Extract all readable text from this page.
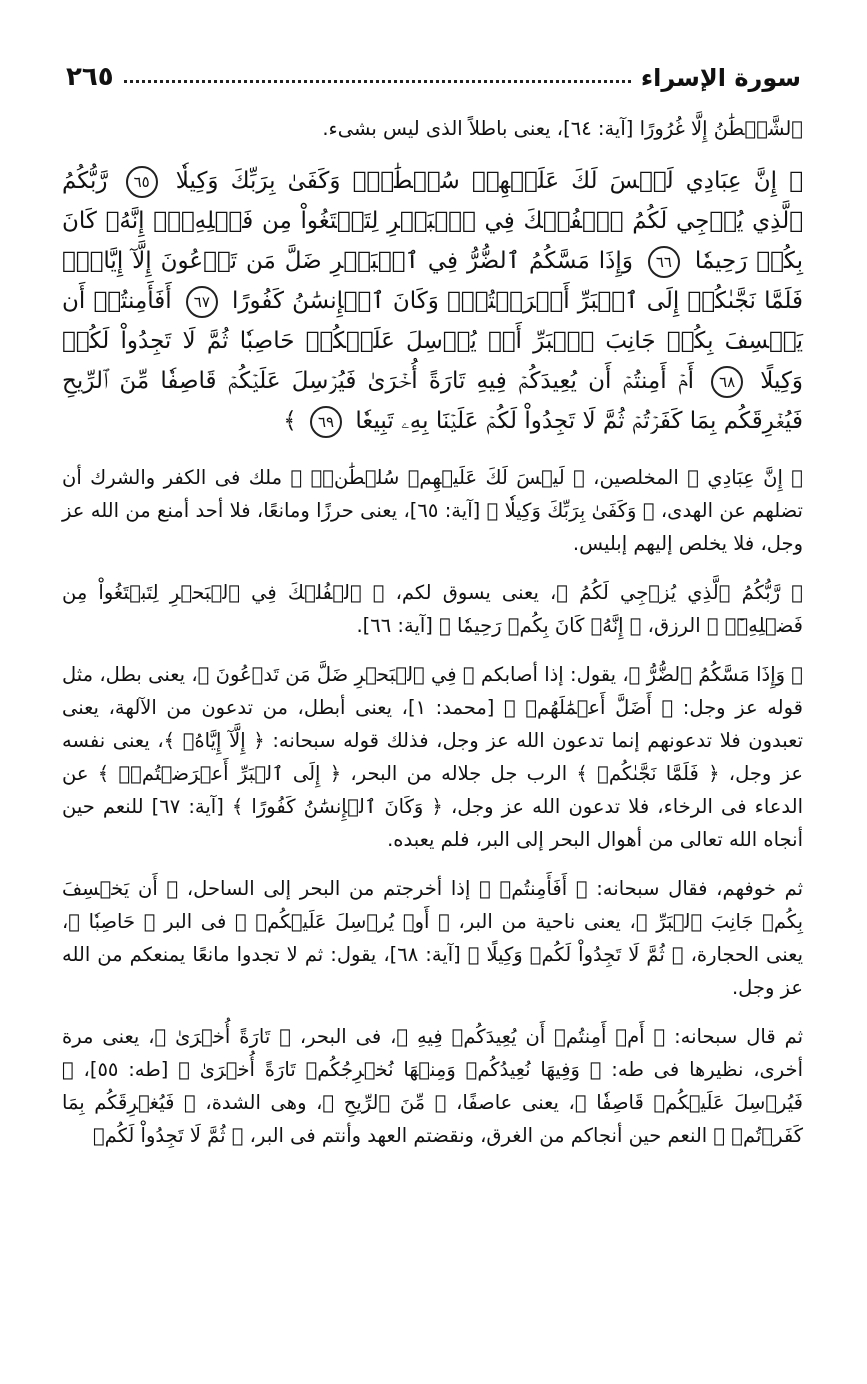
سورة الإسراء
٢٦٥

ٱلشَّيۡطَٰنُ إِلَّا غُرُورًا [آية: ٦٤]، يعنى باطلاً الذى ليس بشىء.

﴿ إِنَّ عِبَادِي لَيۡسَ لَكَ عَلَيۡهِمۡ سُلۡطَٰنٞۚ وَكَفَىٰ بِرَبِّكَ وَكِيلٗا ٦٥ رَّبُّكُمُ ٱلَّذِي يُزۡجِي لَكُمُ ٱلۡفُلۡكَ فِي ٱلۡبَحۡرِ لِتَبۡتَغُواْ مِن فَضۡلِهِۦٓۚ إِنَّهُۥ كَانَ بِكُمۡ رَحِيمٗا ٦٦ وَإِذَا مَسَّكُمُ ٱلضُّرُّ فِي ٱلۡبَحۡرِ ضَلَّ مَن تَدۡعُونَ إِلَّآ إِيَّاهُۖ فَلَمَّا نَجَّىٰكُمۡ إِلَى ٱلۡبَرِّ أَعۡرَضۡتُمۡۚ وَكَانَ ٱلۡإِنسَٰنُ كَفُورًا ٦٧ أَفَأَمِنتُمۡ أَن يَخۡسِفَ بِكُمۡ جَانِبَ ٱلۡبَرِّ أَوۡ يُرۡسِلَ عَلَيۡكُمۡ حَاصِبٗا ثُمَّ لَا تَجِدُواْ لَكُمۡ وَكِيلًا ٦٨ أَمۡ أَمِنتُمۡ أَن يُعِيدَكُمۡ فِيهِ تَارَةً أُخۡرَىٰ فَيُرۡسِلَ عَلَيۡكُمۡ قَاصِفٗا مِّنَ ٱلرِّيحِ فَيُغۡرِقَكُم بِمَا كَفَرۡتُمۡ ثُمَّ لَا تَجِدُواْ لَكُمۡ عَلَيۡنَا بِهِۦ تَبِيعٗا ٦٩ ﴾

﴿ إِنَّ عِبَادِي ﴾ المخلصين، ﴿ لَيۡسَ لَكَ عَلَيۡهِمۡ سُلۡطَٰنٞۚ ﴾ ملك فى الكفر والشرك أن تضلهم عن الهدى، ﴿ وَكَفَىٰ بِرَبِّكَ وَكِيلٗا ﴾ [آية: ٦٥]، يعنى حرزًا ومانعًا، فلا أحد أمنع من الله عز وجل، فلا يخلص إليهم إبليس.

﴿ رَّبُّكُمُ ٱلَّذِي يُزۡجِي لَكُمُ ﴾، يعنى يسوق لكم، ﴿ ٱلۡفُلۡكَ فِي ٱلۡبَحۡرِ لِتَبۡتَغُواْ مِن فَضۡلِهِۦٓۚ ﴾ الرزق، ﴿ إِنَّهُۥ كَانَ بِكُمۡ رَحِيمٗا ﴾ [آية: ٦٦].

﴿ وَإِذَا مَسَّكُمُ ٱلضُّرُّ ﴾، يقول: إذا أصابكم ﴿ فِي ٱلۡبَحۡرِ ضَلَّ مَن تَدۡعُونَ ﴾، يعنى بطل، مثل قوله عز وجل: ﴿ أَضَلَّ أَعۡمَٰلَهُمۡ ﴾ [محمد: ١]، يعنى أبطل، من تدعون من الآلهة، يعنى تعبدون فلا تدعونهم إنما تدعون الله عز وجل، فذلك قوله سبحانه: ﴿ إِلَّآ إِيَّاهُۖ ﴾، يعنى نفسه عز وجل، ﴿ فَلَمَّا نَجَّىٰكُمۡ ﴾ الرب جل جلاله من البحر، ﴿ إِلَى ٱلۡبَرِّ أَعۡرَضۡتُمۡۚ ﴾ عن الدعاء فى الرخاء، فلا تدعون الله عز وجل، ﴿ وَكَانَ ٱلۡإِنسَٰنُ كَفُورًا ﴾ [آية: ٦٧] للنعم حين أنجاه الله تعالى من أهوال البحر إلى البر، فلم يعبده.

ثم خوفهم، فقال سبحانه: ﴿ أَفَأَمِنتُمۡ ﴾ إذا أخرجتم من البحر إلى الساحل، ﴿ أَن يَخۡسِفَ بِكُمۡ جَانِبَ ٱلۡبَرِّ ﴾، يعنى ناحية من البر، ﴿ أَوۡ يُرۡسِلَ عَلَيۡكُمۡ ﴾ فى البر ﴿ حَاصِبٗا ﴾، يعنى الحجارة، ﴿ ثُمَّ لَا تَجِدُواْ لَكُمۡ وَكِيلًا ﴾ [آية: ٦٨]، يقول: ثم لا تجدوا مانعًا يمنعكم من الله عز وجل.

ثم قال سبحانه: ﴿ أَمۡ أَمِنتُمۡ أَن يُعِيدَكُمۡ فِيهِ ﴾، فى البحر، ﴿ تَارَةً أُخۡرَىٰ ﴾، يعنى مرة أخرى، نظيرها فى طه: ﴿ وَفِيهَا نُعِيدُكُمۡ وَمِنۡهَا نُخۡرِجُكُمۡ تَارَةً أُخۡرَىٰ ﴾ [طه: ٥٥]، ﴿ فَيُرۡسِلَ عَلَيۡكُمۡ قَاصِفٗا ﴾، يعنى عاصفًا، ﴿ مِّنَ ٱلرِّيحِ ﴾، وهى الشدة، ﴿ فَيُغۡرِقَكُم بِمَا كَفَرۡتُمۡ ﴾ النعم حين أنجاكم من الغرق، ونقضتم العهد وأنتم فى البر، ﴿ ثُمَّ لَا تَجِدُواْ لَكُمۡ
